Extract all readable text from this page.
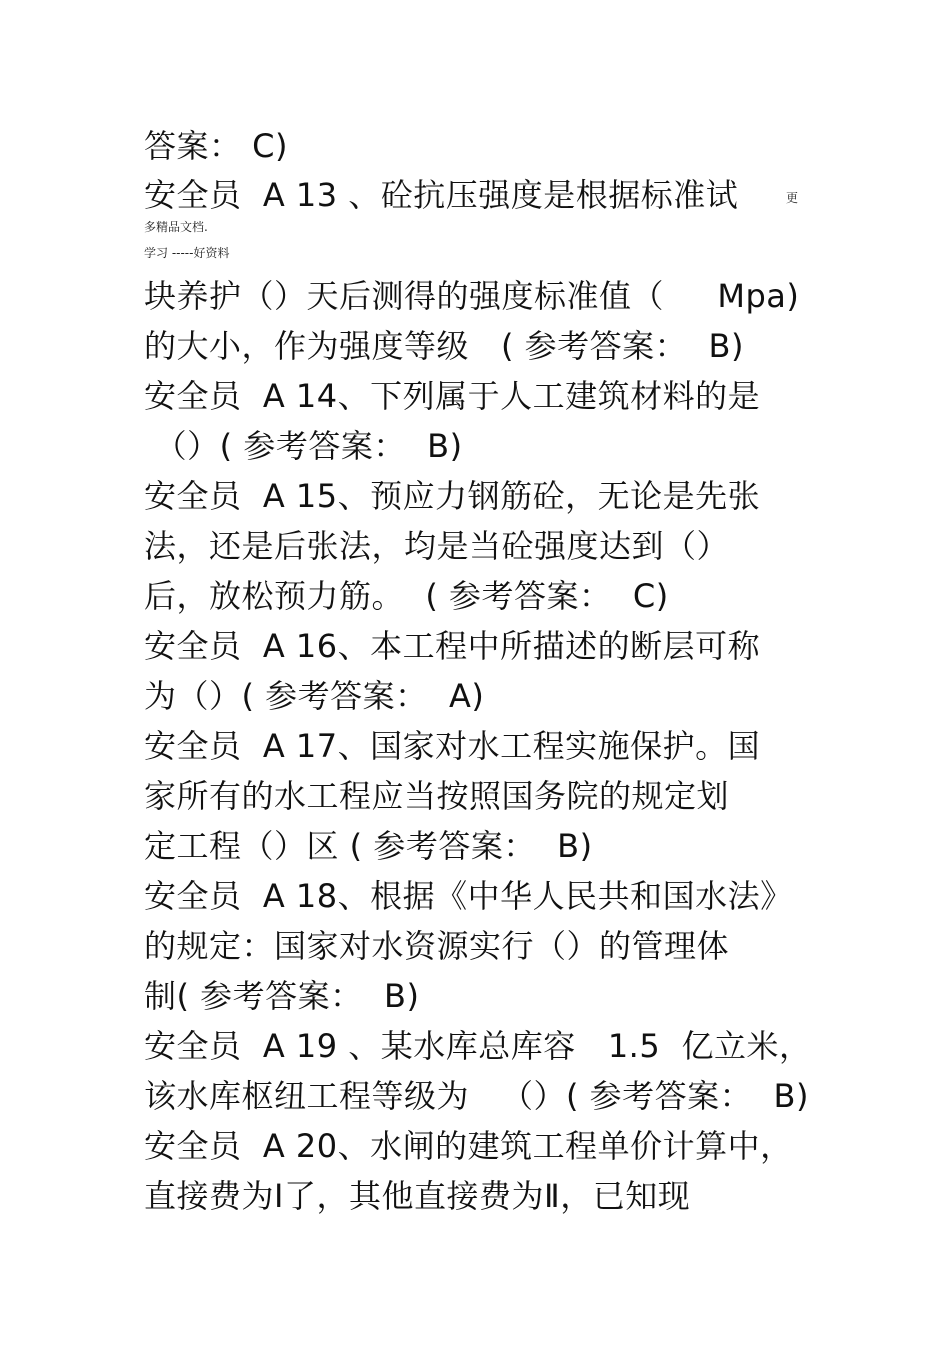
答案： C)
安全员  A 13 、砼抗压强度是根据标准试	更
多精品文档.
学习 -----好资料
块养护（）天后测得的强度标准值（     Mpa)
的大小，作为强度等级   ( 参考答案：  B)
安全员  A 14、下列属于人工建筑材料的是
（）( 参考答案：  B)
安全员  A 15、预应力钢筋砼，无论是先张
法，还是后张法，均是当砼强度达到（）
后，放松预力筋。  ( 参考答案：  C)
安全员  A 16、本工程中所描述的断层可称
为（）( 参考答案：  A)
安全员  A 17、国家对水工程实施保护。国
家所有的水工程应当按照国务院的规定划
定工程（）区 ( 参考答案：  B)
安全员  A 18、根据《中华人民共和国水法》
的规定：国家对水资源实行（）的管理体
制( 参考答案：  B)
安全员  A 19 、某水库总库容   1.5  亿立米，
该水库枢纽工程等级为   （）( 参考答案：  B)
安全员  A 20、水闸的建筑工程单价计算中，
直接费为Ⅰ了，其他直接费为Ⅱ，已知现
